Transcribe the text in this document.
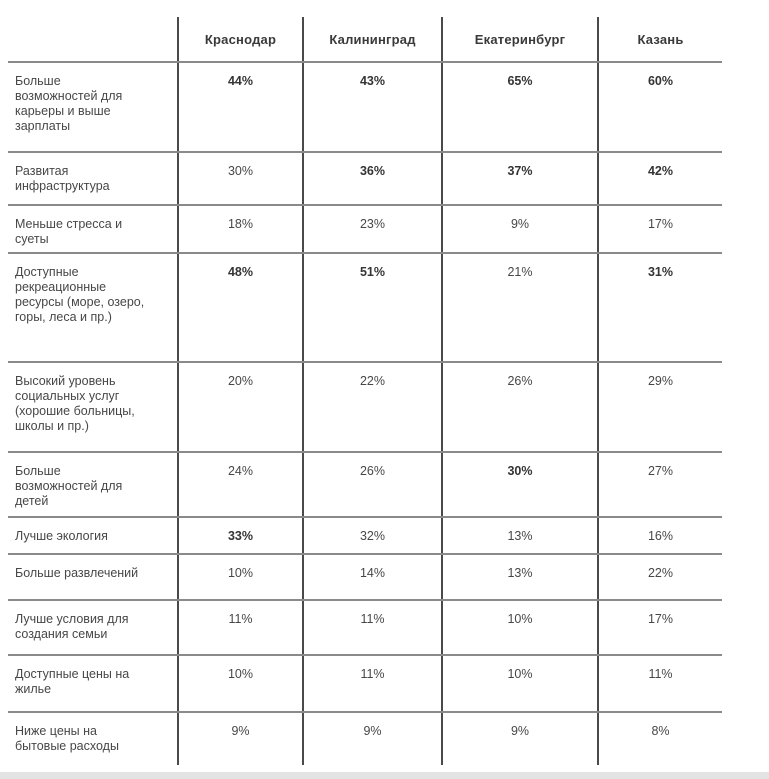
	Краснодар	Калининград	Екатеринбург	Казань
Больше возможностей для карьеры и выше зарплаты	44%	43%	65%	60%
Развитая инфраструктура	30%	36%	37%	42%
Меньше стресса и суеты	18%	23%	9%	17%
Доступные рекреационные ресурсы (море, озеро, горы, леса и пр.)	48%	51%	21%	31%
Высокий уровень социальных услуг (хорошие больницы, школы и пр.)	20%	22%	26%	29%
Больше возможностей для детей	24%	26%	30%	27%
Лучше экология	33%	32%	13%	16%
Больше развлечений	10%	14%	13%	22%
Лучше условия для создания семьи	11%	11%	10%	17%
Доступные цены на жилье	10%	11%	10%	11%
Ниже цены на бытовые расходы	9%	9%	9%	8%
